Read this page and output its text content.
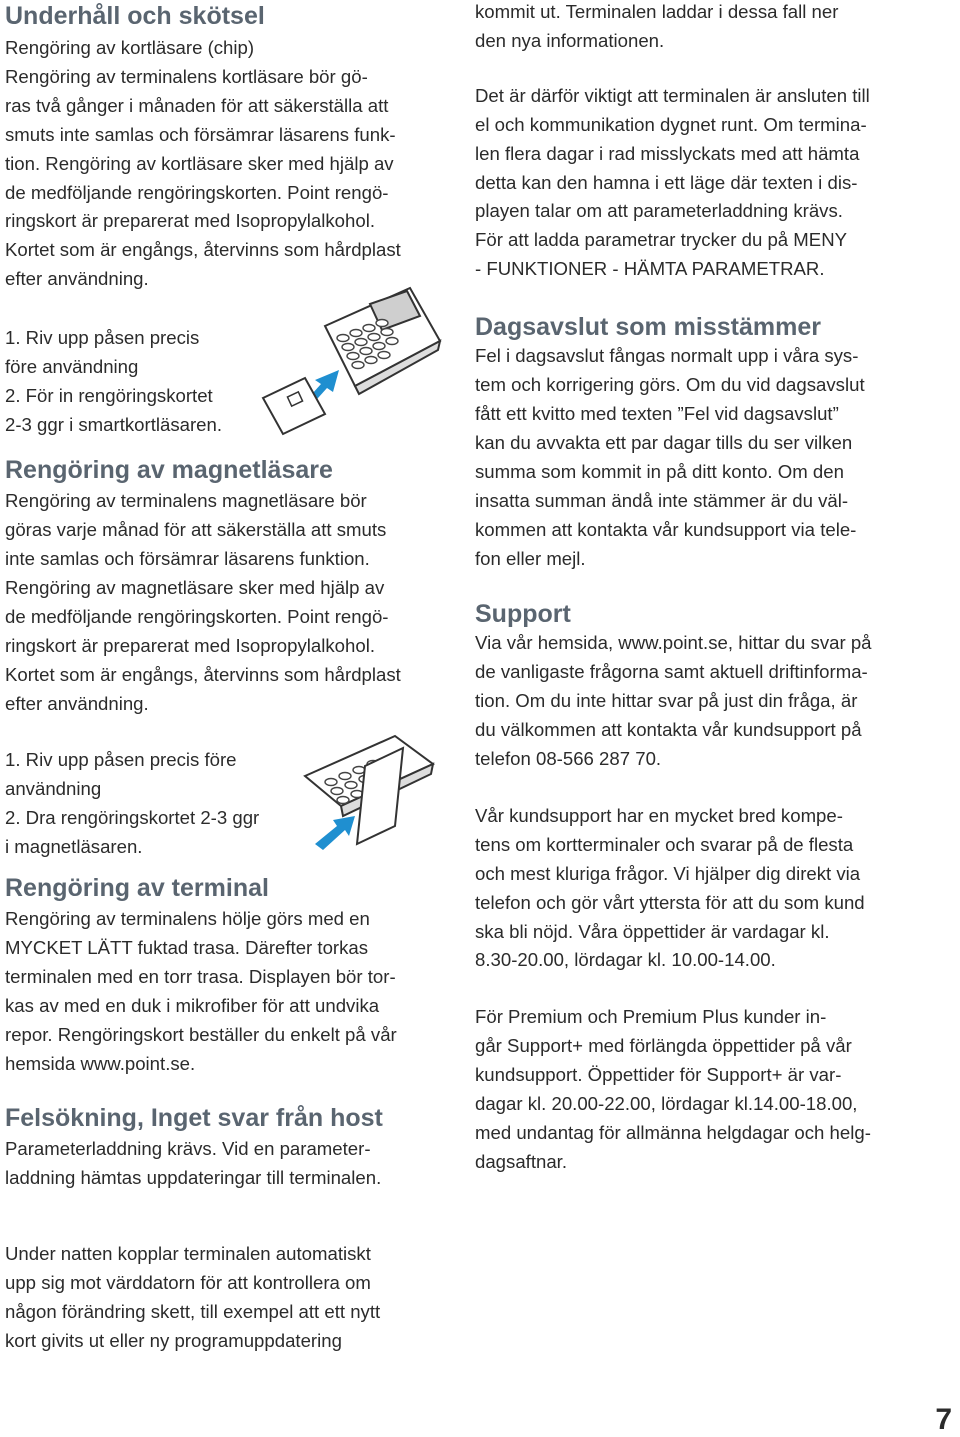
Underhåll och skötsel

Rengöring av kortläsare (chip)

Rengöring av terminalens kortläsare bör gö-

ras två gånger i månaden för att säkerställa att

smuts inte samlas och försämrar läsarens funk-

tion. Rengöring av kortläsare sker med hjälp av

de medföljande rengöringskorten. Point rengö-

ringskort är preparerat med Isopropylalkohol.

Kortet som är engångs, återvinns som hårdplast

efter användning.

1. Riv upp påsen precis

före användning

2. För in rengöringskortet

2-3 ggr i smartkortläsaren.

Rengöring av magnetläsare

Rengöring av terminalens magnetläsare bör

göras varje månad för att säkerställa att smuts

inte samlas och försämrar läsarens funktion.

Rengöring av magnetläsare sker med hjälp av

de medföljande rengöringskorten. Point rengö-

ringskort är preparerat med Isopropylalkohol.

Kortet som är engångs, återvinns som hårdplast

efter användning.

1. Riv upp påsen precis före

användning

2. Dra rengöringskortet 2-3 ggr

i magnetläsaren.

Rengöring av terminal

Rengöring av terminalens hölje görs med en

MYCKET LÄTT fuktad trasa. Därefter torkas

terminalen med en torr trasa. Displayen bör tor-

kas av med en duk i mikrofiber för att undvika

repor. Rengöringskort beställer du enkelt på vår

hemsida www.point.se.

Felsökning, Inget svar från host

Parameterladdning krävs. Vid en parameter-

laddning hämtas uppdateringar till terminalen.

Under natten kopplar terminalen automatiskt

upp sig mot värddatorn för att kontrollera om

någon förändring skett, till exempel att ett nytt

kort givits ut eller ny programuppdatering

kommit ut. Terminalen laddar i dessa fall ner

den nya informationen.

Det är därför viktigt att terminalen är ansluten till

el och kommunikation dygnet runt. Om termina-

len flera dagar i rad misslyckats med att hämta

detta kan den hamna i ett läge där texten i dis-

playen talar om att parameterladdning krävs.

För att ladda parametrar trycker du på MENY

- FUNKTIONER - HÄMTA PARAMETRAR.

Dagsavslut som misstämmer

Fel i dagsavslut fångas normalt upp i våra sys-

tem och korrigering görs. Om du vid dagsavslut

fått ett kvitto med texten ”Fel vid dagsavslut”

kan du avvakta ett par dagar tills du ser vilken

summa som kommit in på ditt konto. Om den

insatta summan ändå inte stämmer är du väl-

kommen att kontakta vår kundsupport via tele-

fon eller mejl.

Support

Via vår hemsida, www.point.se, hittar du svar på

de vanligaste frågorna samt aktuell driftinforma-

tion. Om du inte hittar svar på just din fråga, är

du välkommen att kontakta vår kundsupport på

telefon 08-566 287 70.

Vår kundsupport har en mycket bred kompe-

tens om kortterminaler och svarar på de flesta

och mest kluriga frågor. Vi hjälper dig direkt via

telefon och gör vårt yttersta för att du som kund

ska bli nöjd. Våra öppettider är vardagar kl.

8.30-20.00, lördagar kl. 10.00-14.00.

För Premium och Premium Plus kunder in-

går Support+ med förlängda öppettider på vår

kundsupport. Öppettider för Support+ är var-

dagar kl. 20.00-22.00, lördagar kl.14.00-18.00,

med undantag för allmänna helgdagar och helg-

dagsaftnar.

7
